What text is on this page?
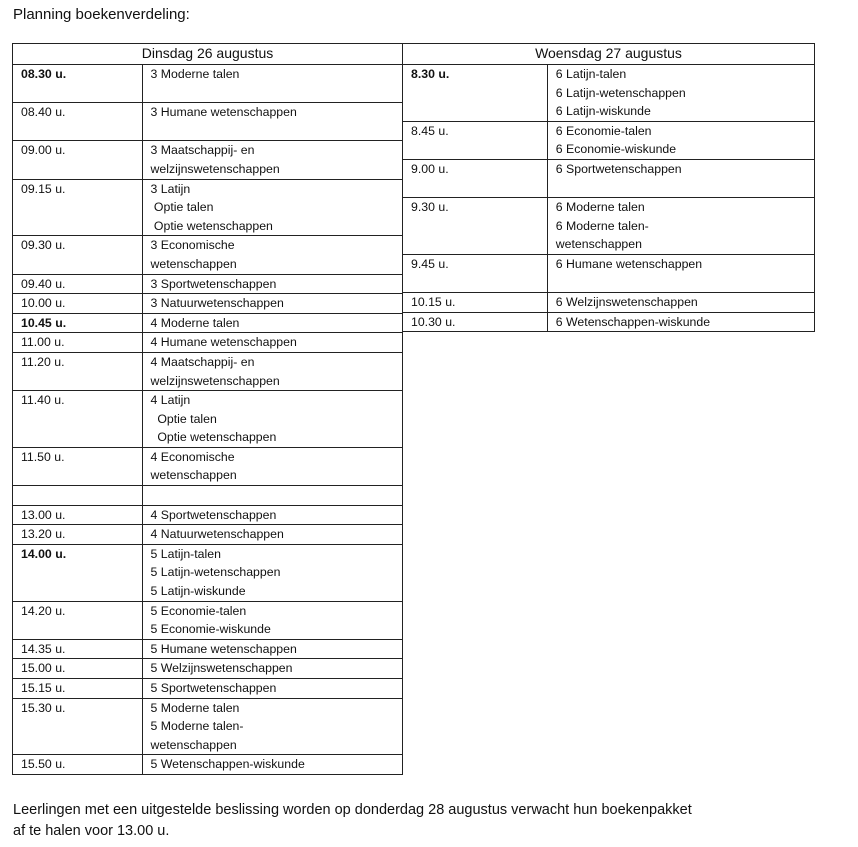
Planning boekenverdeling:
Dinsdag 26 augustus	
08.30 u.	3 Moderne talen

08.40 u.	3 Humane wetenschappen

09.00 u.	3 Maatschappij- en
welzijnswetenschappen

09.15 u.	3 Latijn
Optie talen
Optie wetenschappen

09.30 u.	3 Economische
wetenschappen

09.40 u.	3 Sportwetenschappen

10.00 u.	3 Natuurwetenschappen

10.45 u.	4 Moderne talen

11.00 u.	4 Humane wetenschappen

11.20 u.	4 Maatschappij- en
welzijnswetenschappen

11.40 u.	4 Latijn
Optie talen
Optie wetenschappen

11.50 u.	4 Economische
wetenschappen

13.00 u.	4 Sportwetenschappen

13.20 u.	4 Natuurwetenschappen

14.00 u.	5 Latijn-talen
5 Latijn-wetenschappen
5 Latijn-wiskunde

14.20 u.	5 Economie-talen
5 Economie-wiskunde

14.35 u.	5 Humane wetenschappen

15.00 u.	5 Welzijnswetenschappen

15.15 u.	5 Sportwetenschappen

15.30 u.	5 Moderne talen
5 Moderne talen-
wetenschappen

15.50 u.	5 Wetenschappen-wiskunde
Woensdag 27 augustus	
8.30 u.	6 Latijn-talen
6 Latijn-wetenschappen
6 Latijn-wiskunde

8.45 u.	6 Economie-talen
6 Economie-wiskunde

9.00 u.	6 Sportwetenschappen

9.30 u.	6 Moderne talen
6 Moderne talen-
wetenschappen

9.45 u.	6 Humane wetenschappen

10.15 u.	6 Welzijnswetenschappen

10.30 u.	6 Wetenschappen-wiskunde
Leerlingen met een uitgestelde beslissing worden op donderdag 28 augustus verwacht hun boekenpakket
af te halen voor 13.00 u.
